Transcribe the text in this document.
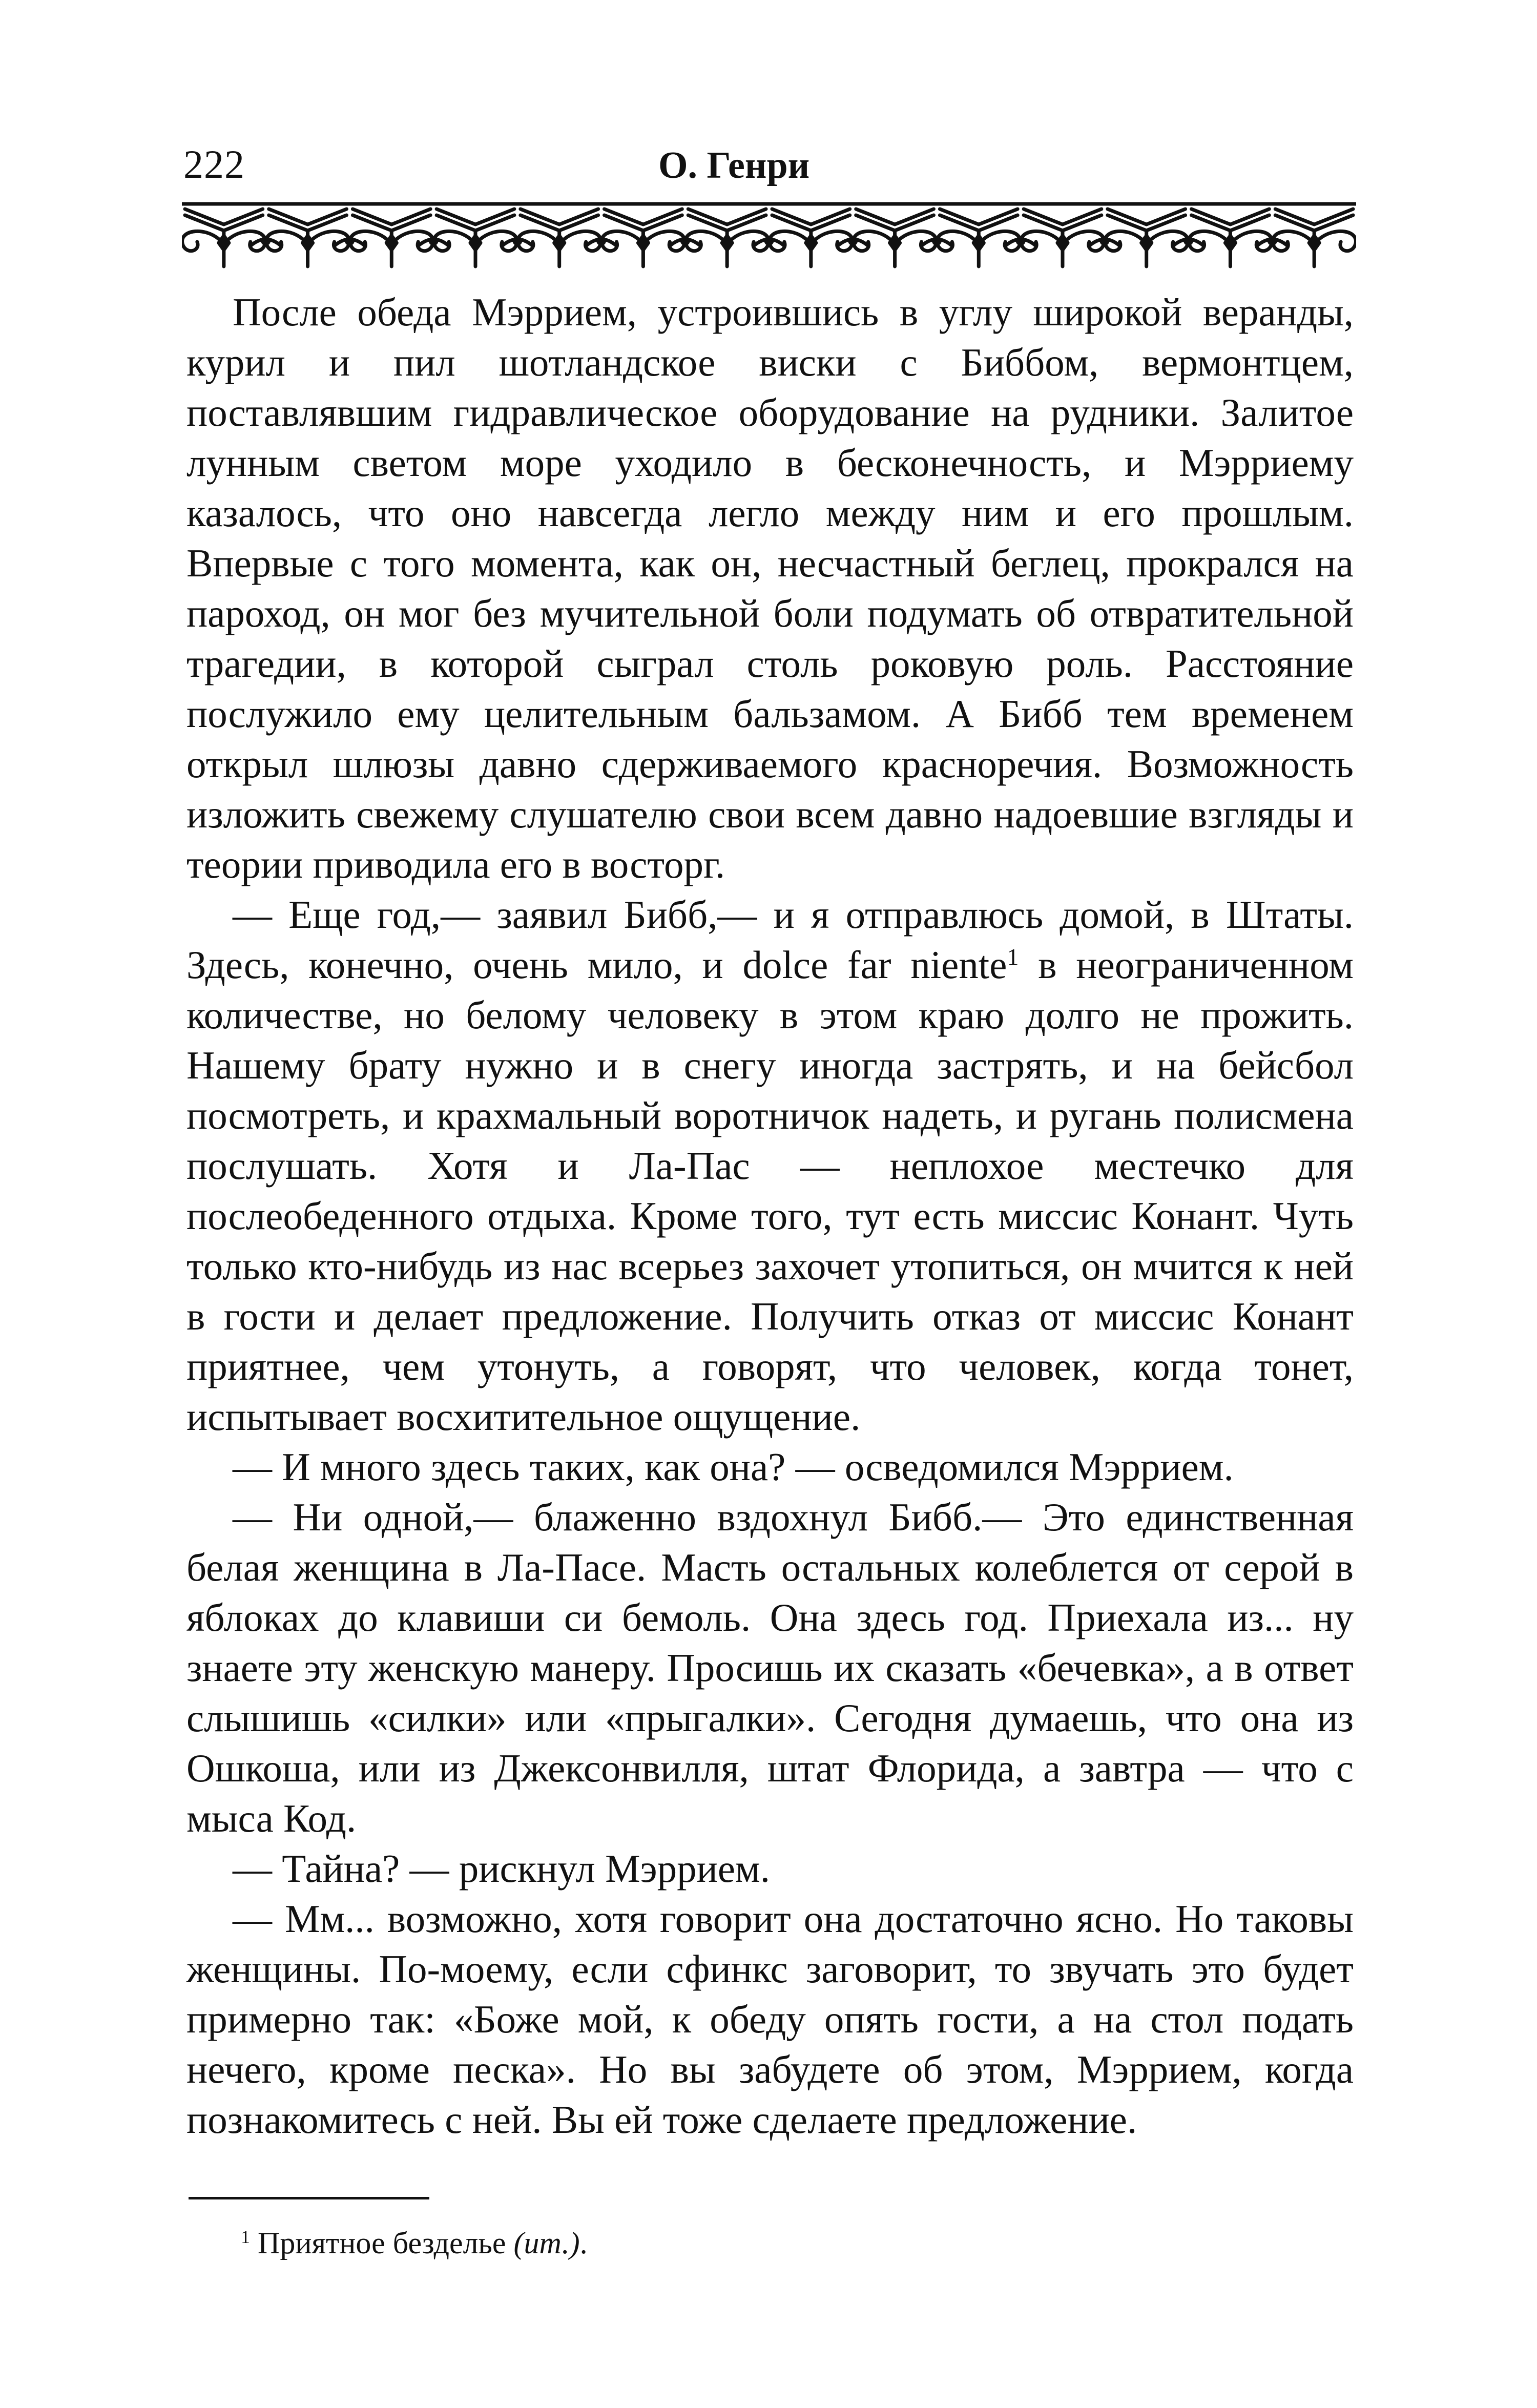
222	О. Генри

После обеда Мэрриeм, устроившись в углу широкой веранды, курил и пил шотландское виски с Биббом, вермонтцем, поставлявшим гидравлическое оборудование на рудники. Залитое лунным светом море уходило в бесконечность, и Мэрриему казалось, что оно навсегда легло между ним и его прошлым. Впервые с того момента, как он, несчастный беглец, прокрался на пароход, он мог без мучительной боли подумать об отвратительной трагедии, в которой сыграл столь роковую роль. Расстояние послужило ему целительным бальзамом. А Бибб тем временем открыл шлюзы давно сдерживаемого красноречия. Возможность изложить свежему слушателю свои всем давно надоевшие взгляды и теории приводила его в восторг.

— Еще год,— заявил Бибб,— и я отправлюсь домой, в Штаты. Здесь, конечно, очень мило, и dolce far niente$^1$ в неограниченном количестве, но белому человеку в этом краю долго не прожить. Нашему брату нужно и в снегу иногда застрять, и на бейсбол посмотреть, и крахмальный воротничок надеть, и ругань полисмена послушать. Хотя и Ла-Пас — неплохое местечко для послеобеденного отдыха. Кроме того, тут есть миссис Конант. Чуть только кто-нибудь из нас всерьез захочет утопиться, он мчится к ней в гости и делает предложение. Получить отказ от миссис Конант приятнее, чем утонуть, а говорят, что человек, когда тонет, испытывает восхитительное ощущение.

— И много здесь таких, как она? — осведомился Мэрриeм.

— Ни одной,— блаженно вздохнул Бибб.— Это единственная белая женщина в Ла-Пасе. Масть остальных колеблется от серой в яблоках до клавиши си бемоль. Она здесь год. Приехала из... ну знаете эту женскую манеру. Просишь их сказать «бечевка», а в ответ слышишь «силки» или «прыгалки». Сегодня думаешь, что она из Ошкоша, или из Джексонвилля, штат Флорида, а завтра — что с мыса Код.

— Тайна? — рискнул Мэрриeм.

— Мм... возможно, хотя говорит она достаточно ясно. Но таковы женщины. По-моему, если сфинкс заговорит, то звучать это будет примерно так: «Боже мой, к обеду опять гости, а на стол подать нечего, кроме песка». Но вы забудете об этом, Мэрриeм, когда познакомитесь с ней. Вы ей тоже сделаете предложение.

$^1$ Приятное безделье (ит.).
